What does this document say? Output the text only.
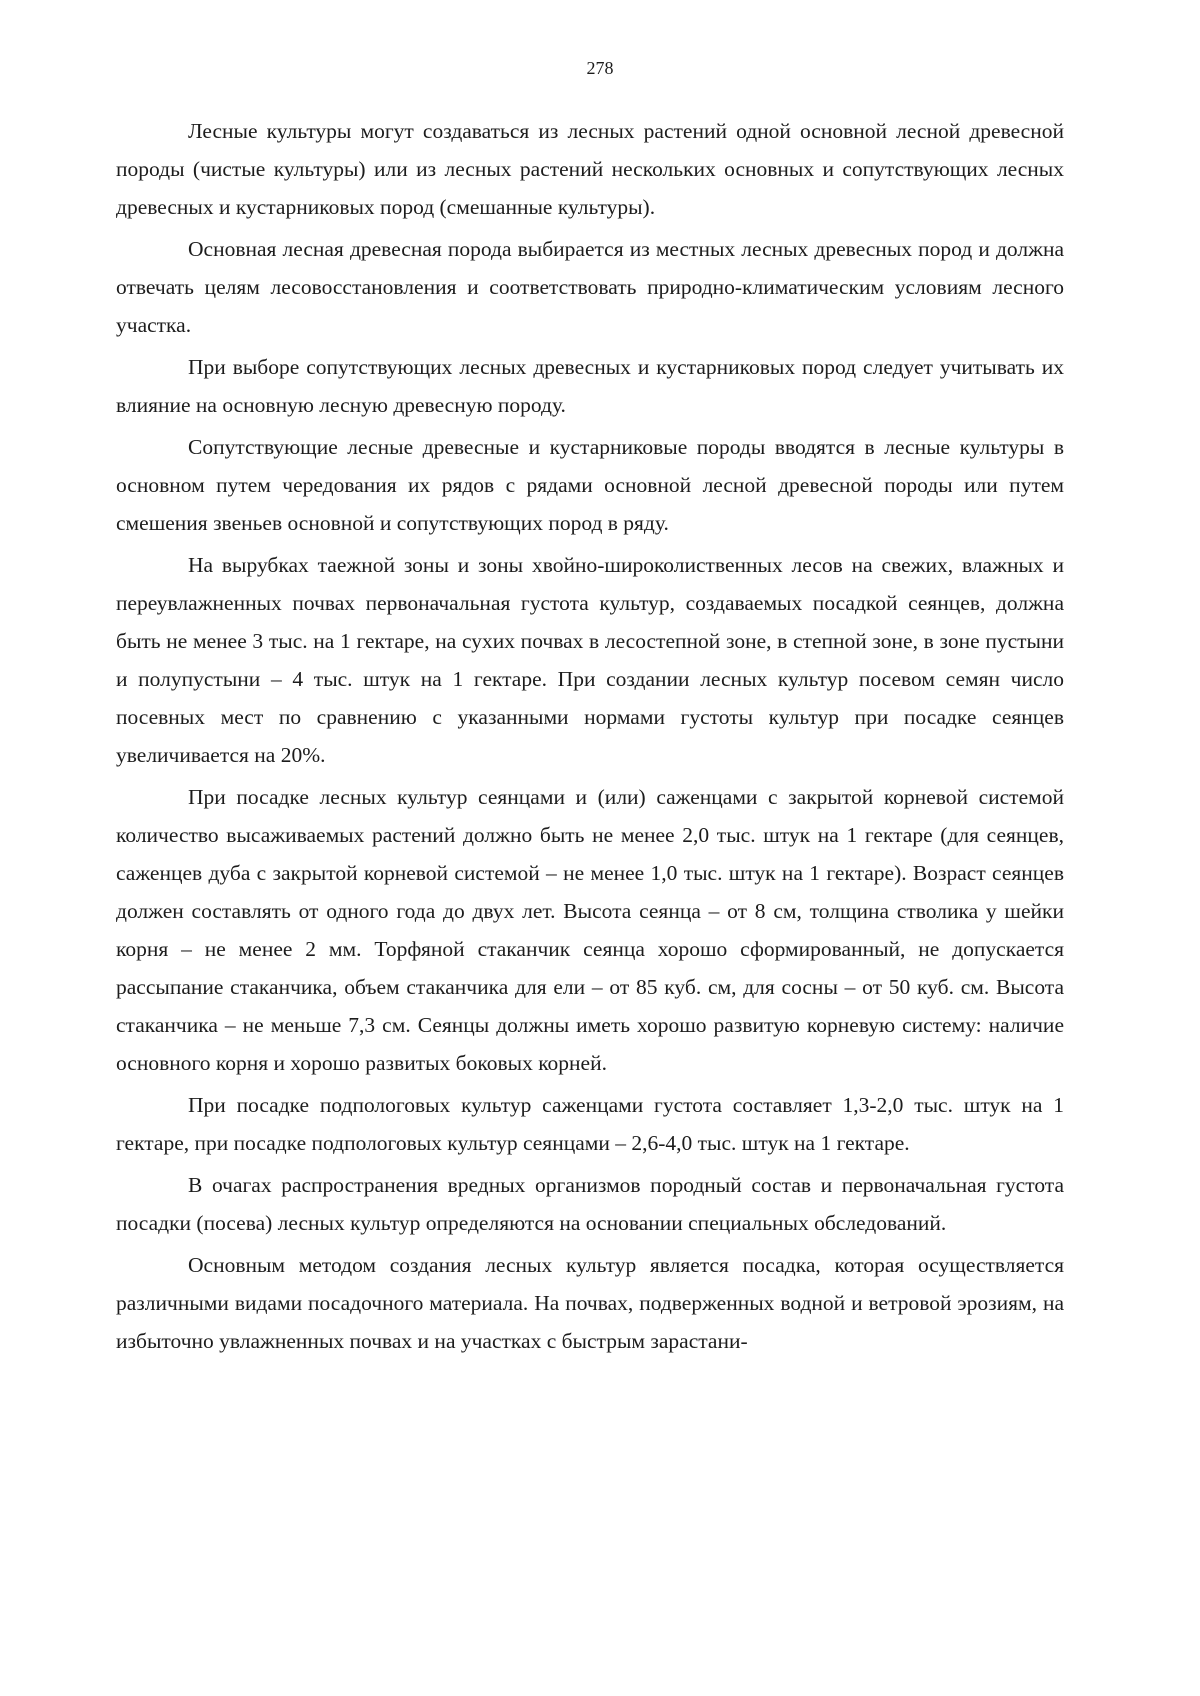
278

Лесные культуры могут создаваться из лесных растений одной основной лесной древесной породы (чистые культуры) или из лесных растений нескольких основных и сопутствующих лесных древесных и кустарниковых пород (смешанные культуры).

Основная лесная древесная порода выбирается из местных лесных древесных пород и должна отвечать целям лесовосстановления и соответствовать природно-климатическим условиям лесного участка.

При выборе сопутствующих лесных древесных и кустарниковых пород следует учитывать их влияние на основную лесную древесную породу.

Сопутствующие лесные древесные и кустарниковые породы вводятся в лесные культуры в основном путем чередования их рядов с рядами основной лесной древесной породы или путем смешения звеньев основной и сопутствующих пород в ряду.

На вырубках таежной зоны и зоны хвойно-широколиственных лесов на свежих, влажных и переувлажненных почвах первоначальная густота культур, создаваемых посадкой сеянцев, должна быть не менее 3 тыс. на 1 гектаре, на сухих почвах в лесостепной зоне, в степной зоне, в зоне пустыни и полупустыни – 4 тыс. штук на 1 гектаре. При создании лесных культур посевом семян число посевных мест по сравнению с указанными нормами густоты культур при посадке сеянцев увеличивается на 20%.

При посадке лесных культур сеянцами и (или) саженцами с закрытой корневой системой количество высаживаемых растений должно быть не менее 2,0 тыс. штук на 1 гектаре (для сеянцев, саженцев дуба с закрытой корневой системой – не менее 1,0 тыс. штук на 1 гектаре). Возраст сеянцев должен составлять от одного года до двух лет. Высота сеянца – от 8 см, толщина стволика у шейки корня – не менее 2 мм. Торфяной стаканчик сеянца хорошо сформированный, не допускается рассыпание стаканчика, объем стаканчика для ели – от 85 куб. см, для сосны – от 50 куб. см. Высота стаканчика – не меньше 7,3 см. Сеянцы должны иметь хорошо развитую корневую систему: наличие основного корня и хорошо развитых боковых корней.

При посадке подпологовых культур саженцами густота составляет 1,3-2,0 тыс. штук на 1 гектаре, при посадке подпологовых культур сеянцами – 2,6-4,0 тыс. штук на 1 гектаре.

В очагах распространения вредных организмов породный состав и первоначальная густота посадки (посева) лесных культур определяются на основании специальных обследований.

Основным методом создания лесных культур является посадка, которая осуществляется различными видами посадочного материала. На почвах, подверженных водной и ветровой эрозиям, на избыточно увлажненных почвах и на участках с быстрым зарастани-
